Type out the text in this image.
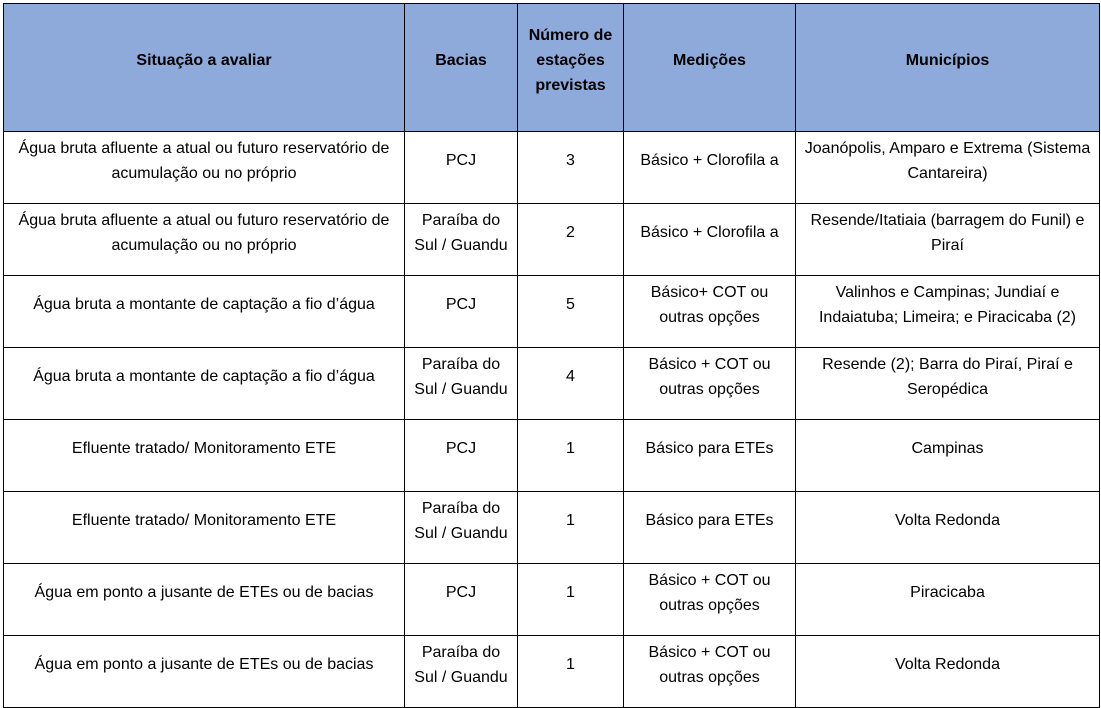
Situação a avaliar	Bacias	Número de estações previstas	Medições	Municípios
Água bruta afluente a atual ou futuro reservatório de acumulação ou no próprio	PCJ	3	Básico + Clorofila a	Joanópolis, Amparo e Extrema (Sistema Cantareira)
Água bruta afluente a atual ou futuro reservatório de acumulação ou no próprio	Paraíba do Sul / Guandu	2	Básico + Clorofila a	Resende/Itatiaia (barragem do Funil) e Piraí
Água bruta a montante de captação a fio d’água	PCJ	5	Básico+ COT ou outras opções	Valinhos e Campinas; Jundiaí e Indaiatuba; Limeira; e Piracicaba (2)
Água bruta a montante de captação a fio d’água	Paraíba do Sul / Guandu	4	Básico + COT ou outras opções	Resende (2); Barra do Piraí, Piraí e Seropédica
Efluente tratado/ Monitoramento ETE	PCJ	1	Básico para ETEs	Campinas
Efluente tratado/ Monitoramento ETE	Paraíba do Sul / Guandu	1	Básico para ETEs	Volta Redonda
Água em ponto a jusante de ETEs ou de bacias	PCJ	1	Básico + COT ou outras opções	Piracicaba
Água em ponto a jusante de ETEs ou de bacias	Paraíba do Sul / Guandu	1	Básico + COT ou outras opções	Volta Redonda
